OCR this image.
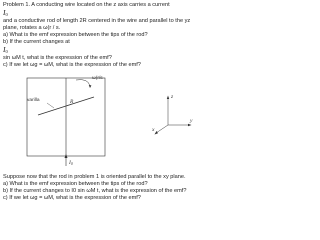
Problem 1. A conducting wire located on the z axis carries a current
$I_0$
and a conductive rod of length 2R centered in the wire and parallel to the yz
plane, rotates a ω(r / s.
a) What is the emf expression between the tips of the rod?
b) If the current changes at
$I_0$
sin ωM t, what is the expression of the emf?
c) If we let ωg = ωM, what is the expression of the emf?
ω(r/s
varilla	R
I0
z
y
x
Suppose now that the rod in problem 1 is oriented parallel to the xy plane.
a) What is the emf expression between the tips of the rod?
b) If the current changes to I0 sin ωM t, what is the expression of the emf?
c) If we let ωg = ωM, what is the expression of the emf?
